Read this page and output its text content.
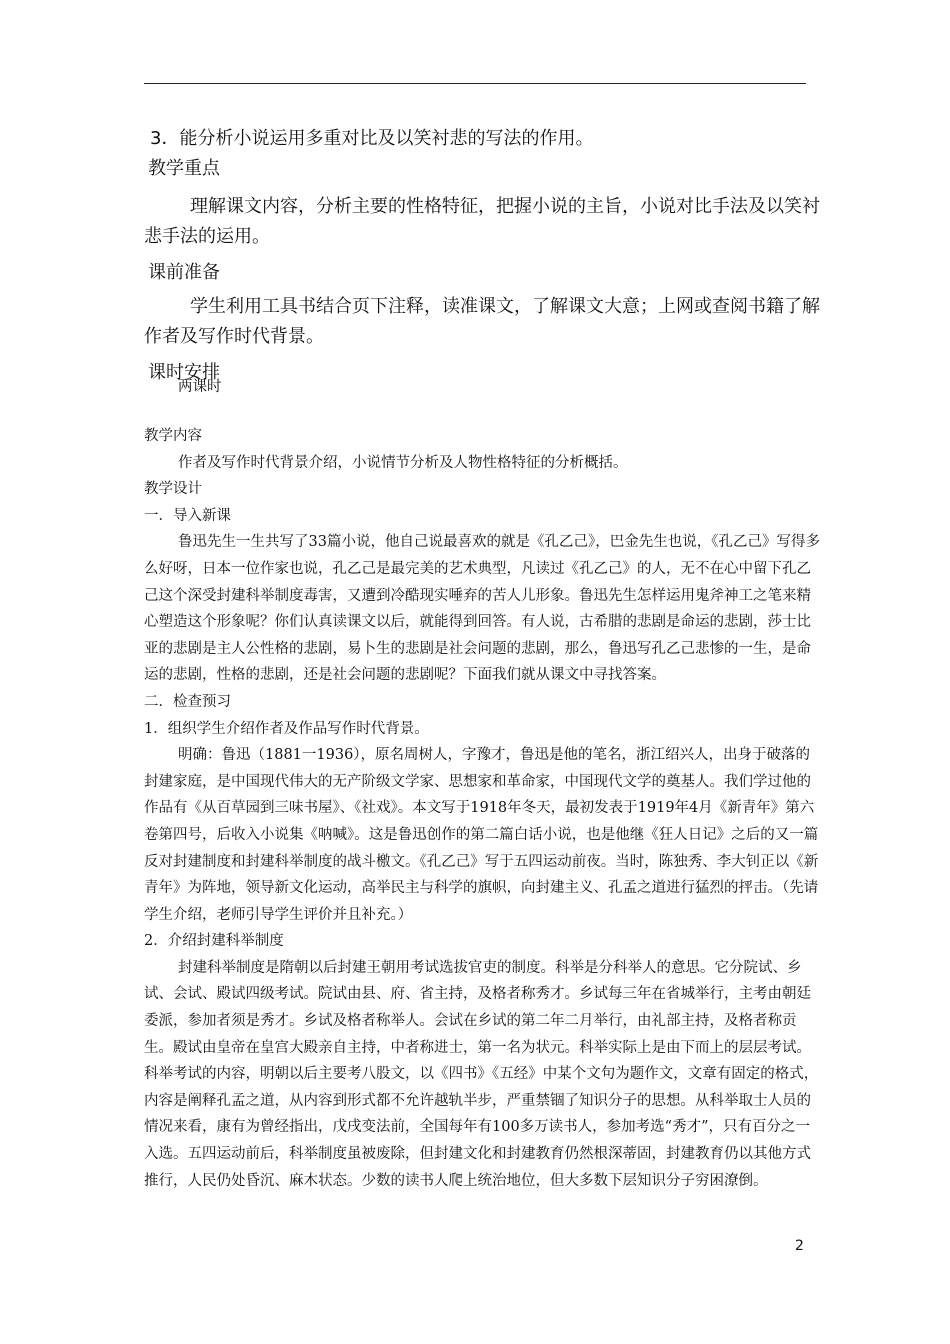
3．能分析小说运用多重对比及以笑衬悲的写法的作用。

教学重点

理解课文内容，分析主要的性格特征，把握小说的主旨，小说对比手法及以笑衬悲手法的运用。

课前准备

学生利用工具书结合页下注释，读准课文，了解课文大意；上网或查阅书籍了解作者及写作时代背景。

课时安排

两课时

教学内容

作者及写作时代背景介绍，小说情节分析及人物性格特征的分析概括。

教学设计

一．导入新课

鲁迅先生一生共写了33篇小说，他自己说最喜欢的就是《孔乙己》，巴金先生也说，《孔乙己》写得多么好呀，日本一位作家也说，孔乙己是最完美的艺术典型，凡读过《孔乙己》的人，无不在心中留下孔乙己这个深受封建科举制度毒害，又遭到冷酷现实唾弃的苦人儿形象。鲁迅先生怎样运用鬼斧神工之笔来精心塑造这个形象呢？你们认真读课文以后，就能得到回答。有人说，古希腊的悲剧是命运的悲剧，莎士比亚的悲剧是主人公性格的悲剧，易卜生的悲剧是社会问题的悲剧，那么，鲁迅写孔乙己悲惨的一生，是命运的悲剧，性格的悲剧，还是社会问题的悲剧呢？下面我们就从课文中寻找答案。

二．检查预习

1．组织学生介绍作者及作品写作时代背景。

明确：鲁迅（1881一1936），原名周树人，字豫才，鲁迅是他的笔名，浙江绍兴人，出身于破落的封建家庭，是中国现代伟大的无产阶级文学家、思想家和革命家，中国现代文学的奠基人。我们学过他的作品有《从百草园到三味书屋》、《社戏》。本文写于1918年冬天，最初发表于1919年4月《新青年》第六卷第四号，后收入小说集《呐喊》。这是鲁迅创作的第二篇白话小说，也是他继《狂人日记》之后的又一篇反对封建制度和封建科举制度的战斗檄文。《孔乙己》写于五四运动前夜。当时，陈独秀、李大钊正以《新青年》为阵地，领导新文化运动，高举民主与科学的旗帜，向封建主义、孔孟之道进行猛烈的抨击。（先请学生介绍，老师引导学生评价并且补充。）

2．介绍封建科举制度

封建科举制度是隋朝以后封建王朝用考试选拔官吏的制度。科举是分科举人的意思。它分院试、乡试、会试、殿试四级考试。院试由县、府、省主持，及格者称秀才。乡试每三年在省城举行，主考由朝廷委派，参加者须是秀才。乡试及格者称举人。会试在乡试的第二年二月举行，由礼部主持，及格者称贡生。殿试由皇帝在皇宫大殿亲自主持，中者称进士，第一名为状元。科举实际上是由下而上的层层考试。科举考试的内容，明朝以后主要考八股文，以《四书》《五经》中某个文句为题作文，文章有固定的格式，内容是阐释孔孟之道，从内容到形式都不允许越轨半步，严重禁锢了知识分子的思想。从科举取士人员的情况来看，康有为曾经指出，戊戌变法前，全国每年有100多万读书人，参加考选“秀才”，只有百分之一入选。五四运动前后，科举制度虽被废除，但封建文化和封建教育仍然根深蒂固，封建教育仍以其他方式推行，人民仍处昏沉、麻木状态。少数的读书人爬上统治地位，但大多数下层知识分子穷困潦倒。

2
